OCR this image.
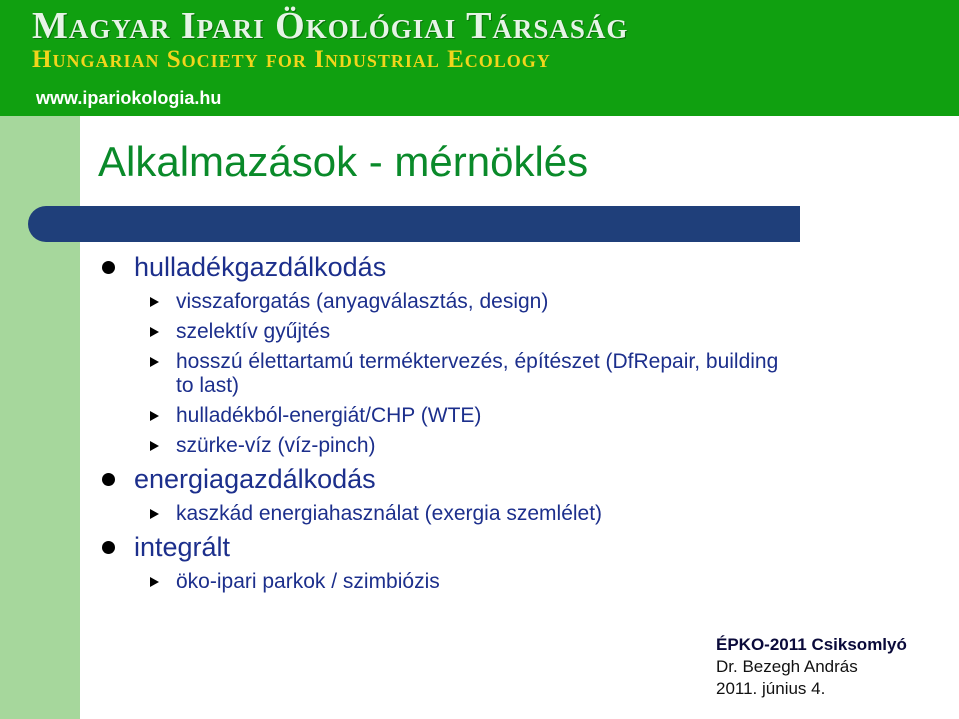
Magyar Ipari Ökológiai Társaság
Hungarian Society for Industrial Ecology
www.ipariokologia.hu
Alkalmazások - mérnöklés
hulladékgazdálkodás
visszaforgatás (anyagválasztás, design)
szelektív gyűjtés
hosszú élettartamú terméktervezés, építészet (DfRepair, building to last)
hulladékból-energiát/CHP (WTE)
szürke-víz (víz-pinch)
energiagazdálkodás
kaszkád energiahasználat (exergia szemlélet)
integrált
öko-ipari parkok / szimbiózis
ÉPKO-2011 Csiksomlyó
Dr. Bezegh András
2011. június 4.
